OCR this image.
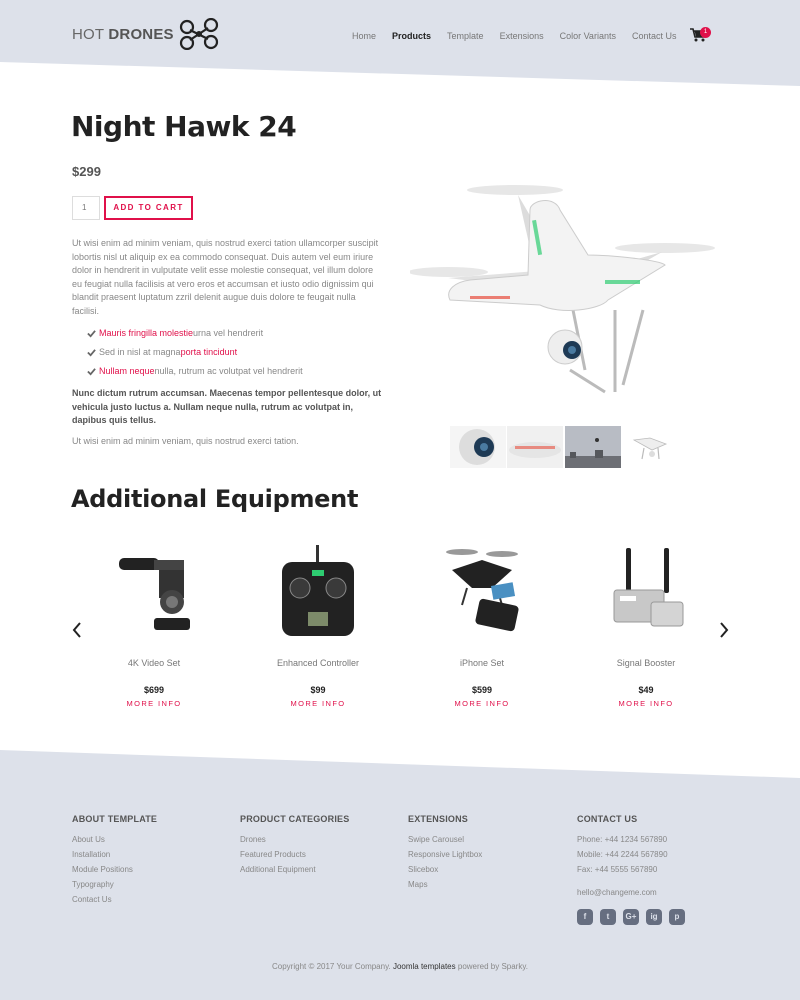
HOT DRONES	Home Products Template Extensions Color Variants Contact Us	1
Night Hawk 24
$299
1	ADD TO CART

Ut wisi enim ad minim veniam, quis nostrud exerci tation ullamcorper suscipit lobortis nisl ut aliquip ex ea commodo consequat. Duis autem vel eum iriure dolor in hendrerit in vulputate velit esse molestie consequat, vel illum dolore eu feugiat nulla facilisis at vero eros et accumsan et iusto odio dignissim qui blandit praesent luptatum zzril delenit augue duis dolore te feugait nulla facilisi.

Mauris fringilla molestie urna vel hendrerit
Sed in nisl at magna porta tincidunt
Nullam neque nulla, rutrum ac volutpat vel hendrerit

Nunc dictum rutrum accumsan. Maecenas tempor pellentesque dolor, ut vehicula justo luctus a. Nullam neque nulla, rutrum ac volutpat in, dapibus quis tellus.

Ut wisi enim ad minim veniam, quis nostrud exerci tation.

Additional Equipment
4K Video Set
$699
MORE INFO
Enhanced Controller
$99
MORE INFO
iPhone Set
$599
MORE INFO
Signal Booster
$49
MORE INFO
ABOUT TEMPLATE
About Us
Installation
Module Positions
Typography
Contact Us
PRODUCT CATEGORIES
Drones
Featured Products
Additional Equipment
EXTENSIONS
Swipe Carousel
Responsive Lightbox
Slicebox
Maps
CONTACT US
Phone: +44 1234 567890
Mobile: +44 2244 567890
Fax: +44 5555 567890
hello@changeme.com
f	t	G+	ig	p
Copyright © 2017 Your Company. Joomla templates powered by Sparky.
